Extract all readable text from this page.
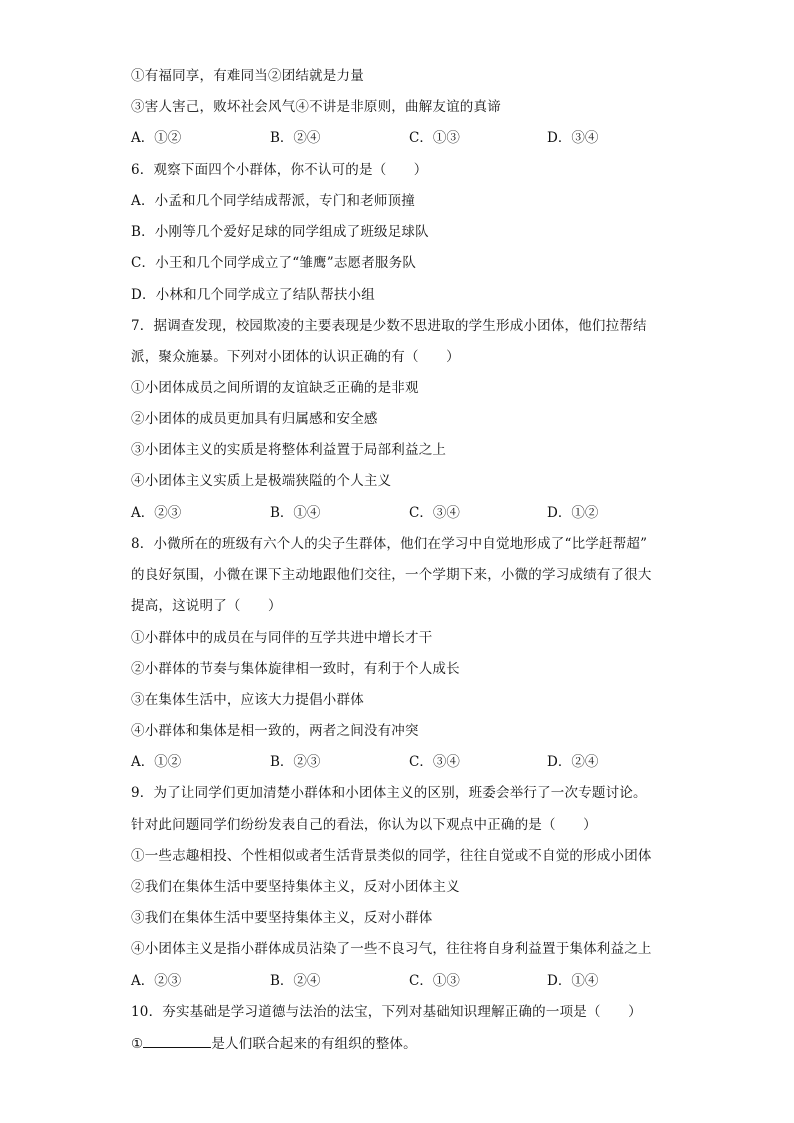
①有福同享，有难同当②团结就是力量
③害人害己，败坏社会风气④不讲是非原则，曲解友谊的真谛
A．①②	B．②④	C．①③	D．③④
6．观察下面四个小群体，你不认可的是（　　）
A．小孟和几个同学结成帮派，专门和老师顶撞
B．小刚等几个爱好足球的同学组成了班级足球队
C．小王和几个同学成立了“雏鹰”志愿者服务队
D．小林和几个同学成立了结队帮扶小组
7．据调查发现，校园欺凌的主要表现是少数不思进取的学生形成小团体，他们拉帮结
派，聚众施暴。下列对小团体的认识正确的有（　　）
①小团体成员之间所谓的友谊缺乏正确的是非观
②小团体的成员更加具有归属感和安全感
③小团体主义的实质是将整体利益置于局部利益之上
④小团体主义实质上是极端狭隘的个人主义
A．②③	B．①④	C．③④	D．①②
8．小微所在的班级有六个人的尖子生群体，他们在学习中自觉地形成了“比学赶帮超”
的良好氛围，小微在课下主动地跟他们交往，一个学期下来，小微的学习成绩有了很大
提高，这说明了（　　）
①小群体中的成员在与同伴的互学共进中增长才干
②小群体的节奏与集体旋律相一致时，有利于个人成长
③在集体生活中，应该大力提倡小群体
④小群体和集体是相一致的，两者之间没有冲突
A．①②	B．②③	C．③④	D．②④
9．为了让同学们更加清楚小群体和小团体主义的区别，班委会举行了一次专题讨论。
针对此问题同学们纷纷发表自己的看法，你认为以下观点中正确的是（　　）
①一些志趣相投、个性相似或者生活背景类似的同学，往往自觉或不自觉的形成小团体
②我们在集体生活中要坚持集体主义，反对小团体主义
③我们在集体生活中要坚持集体主义，反对小群体
④小团体主义是指小群体成员沾染了一些不良习气，往往将自身利益置于集体利益之上
A．②③	B．②④	C．①③	D．①④
10．夯实基础是学习道德与法治的法宝，下列对基础知识理解正确的一项是（　　）
①	是人们联合起来的有组织的整体。
